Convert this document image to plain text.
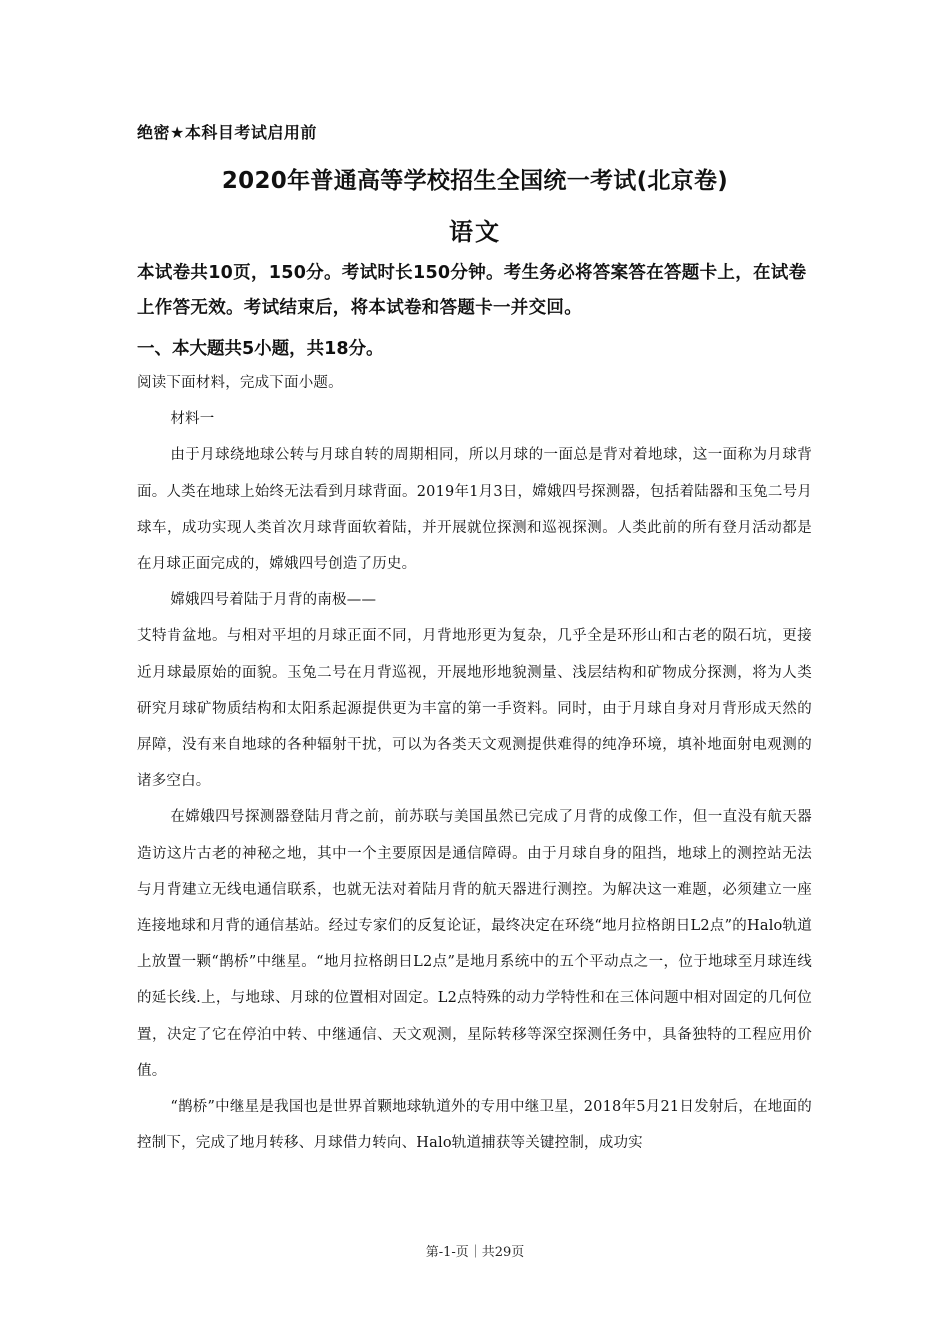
绝密★本科目考试启用前
2020年普通高等学校招生全国统一考试(北京卷)
语文
本试卷共10页，150分。考试时长150分钟。考生务必将答案答在答题卡上，在试卷上作答无效。考试结束后，将本试卷和答题卡一并交回。
一、本大题共5小题，共18分。

阅读下面材料，完成下面小题。

材料一

由于月球绕地球公转与月球自转的周期相同，所以月球的一面总是背对着地球，这一面称为月球背面。人类在地球上始终无法看到月球背面。2019年1月3日，嫦娥四号探测器，包括着陆器和玉兔二号月球车，成功实现人类首次月球背面软着陆，并开展就位探测和巡视探测。人类此前的所有登月活动都是在月球正面完成的，嫦娥四号创造了历史。

嫦娥四号着陆于月背的南极——

艾特肯盆地。与相对平坦的月球正面不同，月背地形更为复杂，几乎全是环形山和古老的陨石坑，更接近月球最原始的面貌。玉兔二号在月背巡视，开展地形地貌测量、浅层结构和矿物成分探测，将为人类研究月球矿物质结构和太阳系起源提供更为丰富的第一手资料。同时，由于月球自身对月背形成天然的屏障，没有来自地球的各种辐射干扰，可以为各类天文观测提供难得的纯净环境，填补地面射电观测的诸多空白。

在嫦娥四号探测器登陆月背之前，前苏联与美国虽然已完成了月背的成像工作，但一直没有航天器造访这片古老的神秘之地，其中一个主要原因是通信障碍。由于月球自身的阻挡，地球上的测控站无法与月背建立无线电通信联系，也就无法对着陆月背的航天器进行测控。为解决这一难题，必须建立一座连接地球和月背的通信基站。经过专家们的反复论证，最终决定在环绕“地月拉格朗日L2点”的Halo轨道上放置一颗“鹊桥”中继星。“地月拉格朗日L2点”是地月系统中的五个平动点之一，位于地球至月球连线的延长线.上，与地球、月球的位置相对固定。L2点特殊的动力学特性和在三体问题中相对固定的几何位置，决定了它在停泊中转、中继通信、天文观测，星际转移等深空探测任务中，具备独特的工程应用价值。

“鹊桥”中继星是我国也是世界首颗地球轨道外的专用中继卫星，2018年5月21日发射后，在地面的控制下，完成了地月转移、月球借力转向、Halo轨道捕获等关键控制，成功实

第-1-页｜共29页
